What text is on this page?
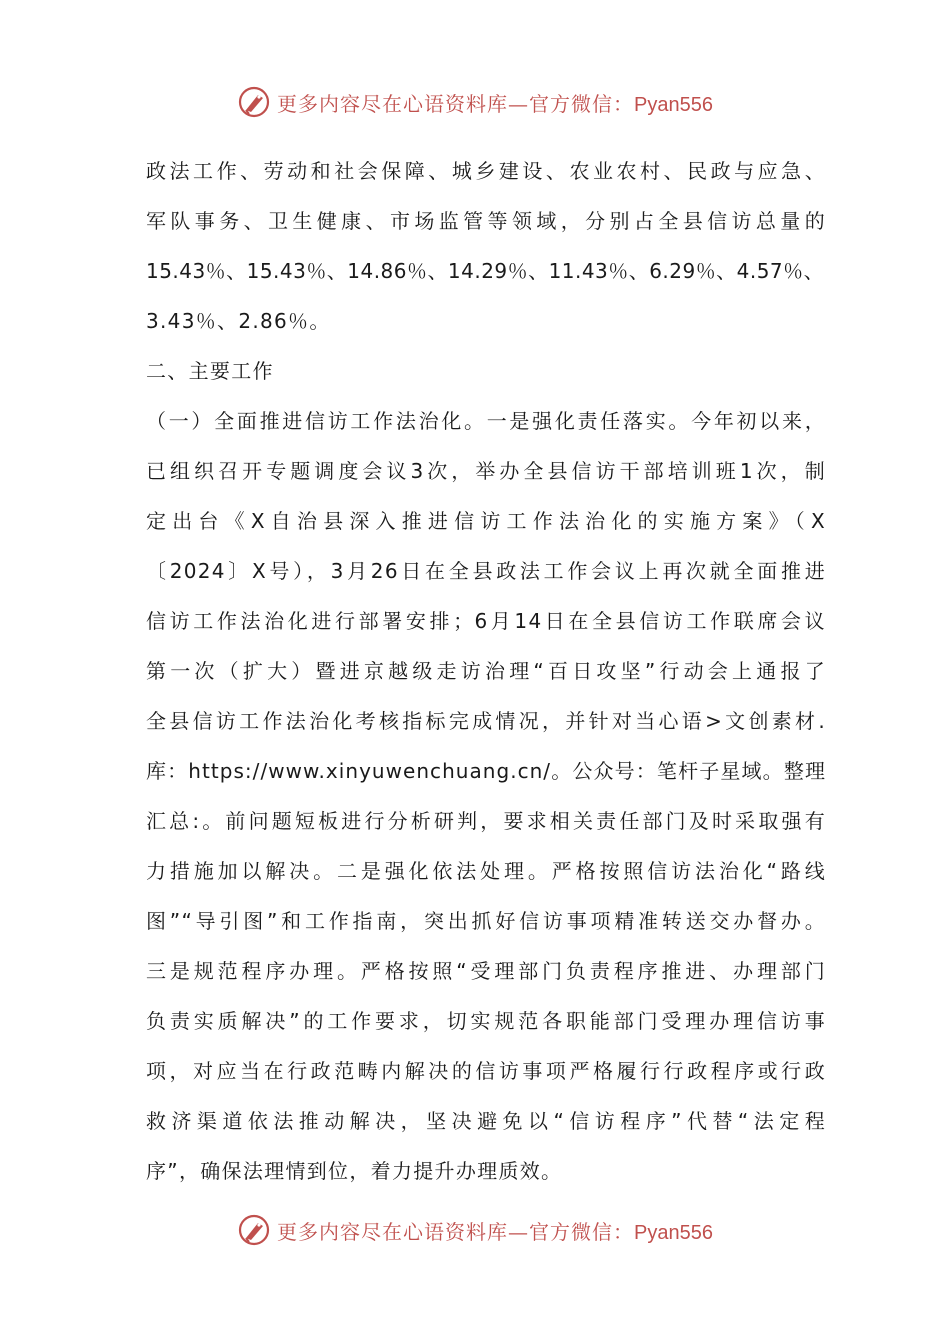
更多内容尽在心语资料库—官方微信：Pyan556
政法工作、劳动和社会保障、城乡建设、农业农村、民政与应急、
军队事务、卫生健康、市场监管等领域，分别占全县信访总量的
15.43％、15.43％、14.86％、14.29％、11.43％、6.29％、4.57％、
3.43％、2.86％。
二、主要工作
（一）全面推进信访工作法治化。一是强化责任落实。今年初以来，
已组织召开专题调度会议3次，举办全县信访干部培训班1次，制
定出台《X自治县深入推进信访工作法治化的实施方案》（X
〔2024〕X号），3月26日在全县政法工作会议上再次就全面推进
信访工作法治化进行部署安排；6月14日在全县信访工作联席会议
第一次（扩大）暨进京越级走访治理“百日攻坚”行动会上通报了
全县信访工作法治化考核指标完成情况，并针对当心语>文创素材.
库：https://www.xinyuwenchuang.cn/。公众号：笔杆子星域。整理
汇总:。前问题短板进行分析研判，要求相关责任部门及时采取强有
力措施加以解决。二是强化依法处理。严格按照信访法治化“路线
图”“导引图”和工作指南，突出抓好信访事项精准转送交办督办。
三是规范程序办理。严格按照“受理部门负责程序推进、办理部门
负责实质解决”的工作要求，切实规范各职能部门受理办理信访事
项，对应当在行政范畴内解决的信访事项严格履行行政程序或行政
救济渠道依法推动解决，坚决避免以“信访程序”代替“法定程
序”，确保法理情到位，着力提升办理质效。
更多内容尽在心语资料库—官方微信：Pyan556
